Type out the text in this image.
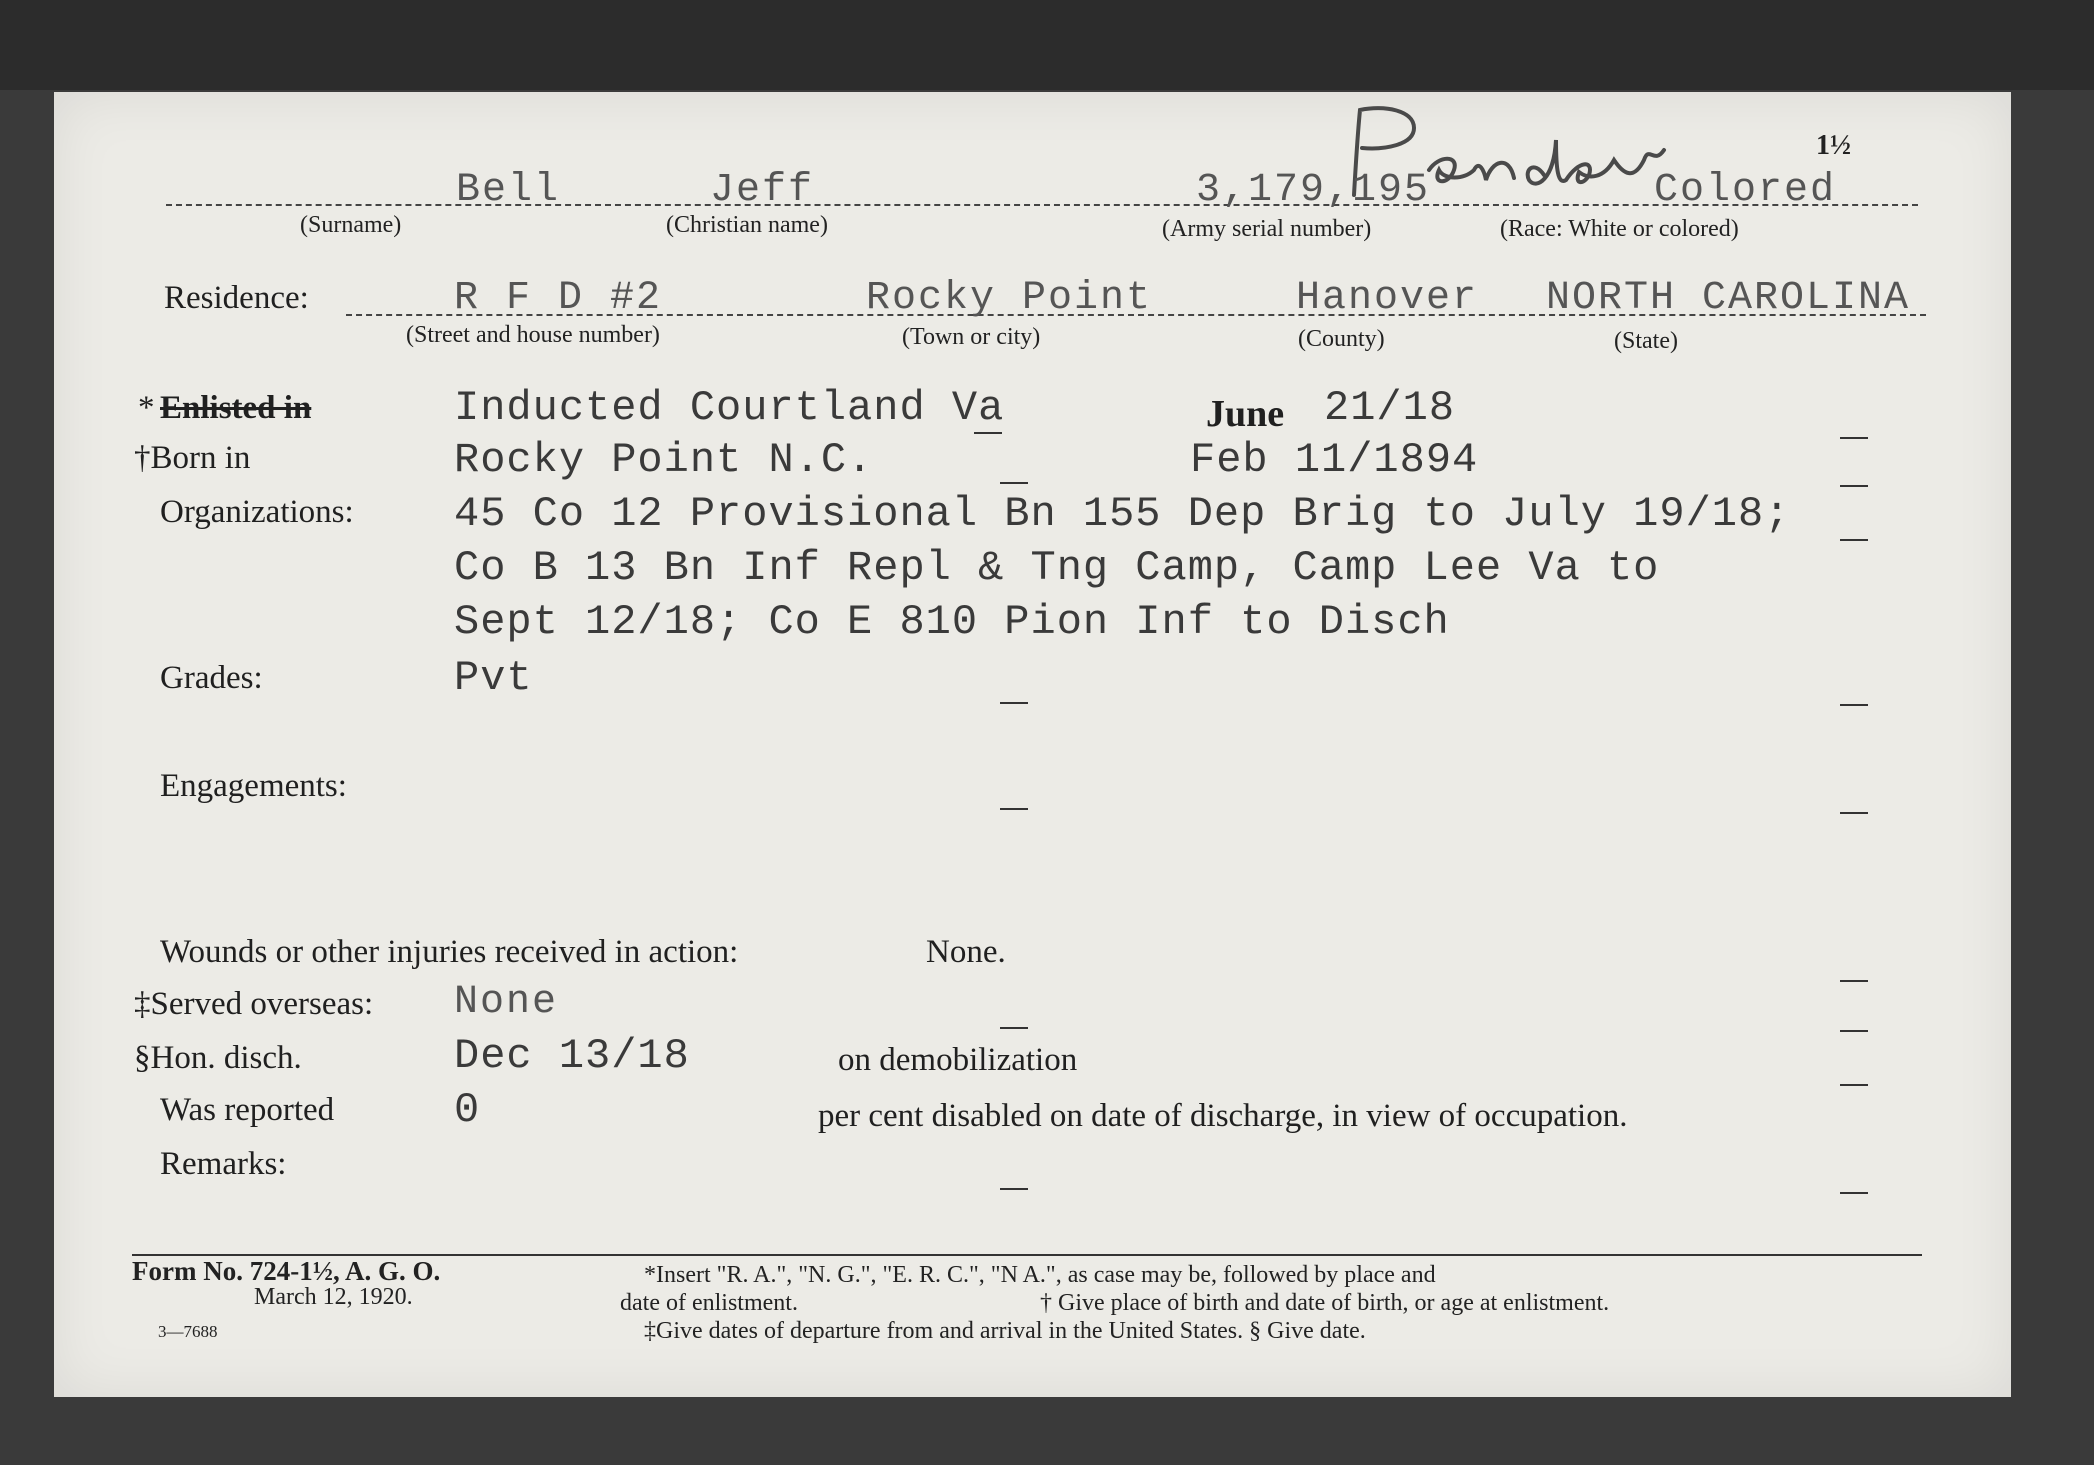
1½
Bell	Jeff	3,179,195	Colored
(Surname)	(Christian name)	(Army serial number)	(Race: White or colored)
Residence:	R F D #2	Rocky Point	Hanover NORTH CAROLINA
(Street and house number)	(Town or city)	(County)	(State)
* Enlisted in	Inducted Courtland Va	June 21/18
†Born in	Rocky Point N.C.	Feb 11/1894
Organizations: 45 Co 12 Provisional Bn 155 Dep Brig to July 19/18;
Co B 13 Bn Inf Repl & Tng Camp, Camp Lee Va to
Sept 12/18; Co E 810 Pion Inf to Disch
Grades:	Pvt
Engagements:
Wounds or other injuries received in action:	None.
‡Served overseas: None
§Hon. disch.	Dec 13/18	on demobilization
Was reported	0	per cent disabled on date of discharge, in view of occupation.
Remarks:
Form No. 724-1½, A. G. O.
March 12, 1920.
3—7688
*Insert "R. A.", "N. G.", "E. R. C.", "N A.", as case may be, followed by place and
date of enlistment.	† Give place of birth and date of birth, or age at enlistment.
‡Give dates of departure from and arrival in the United States. § Give date.
